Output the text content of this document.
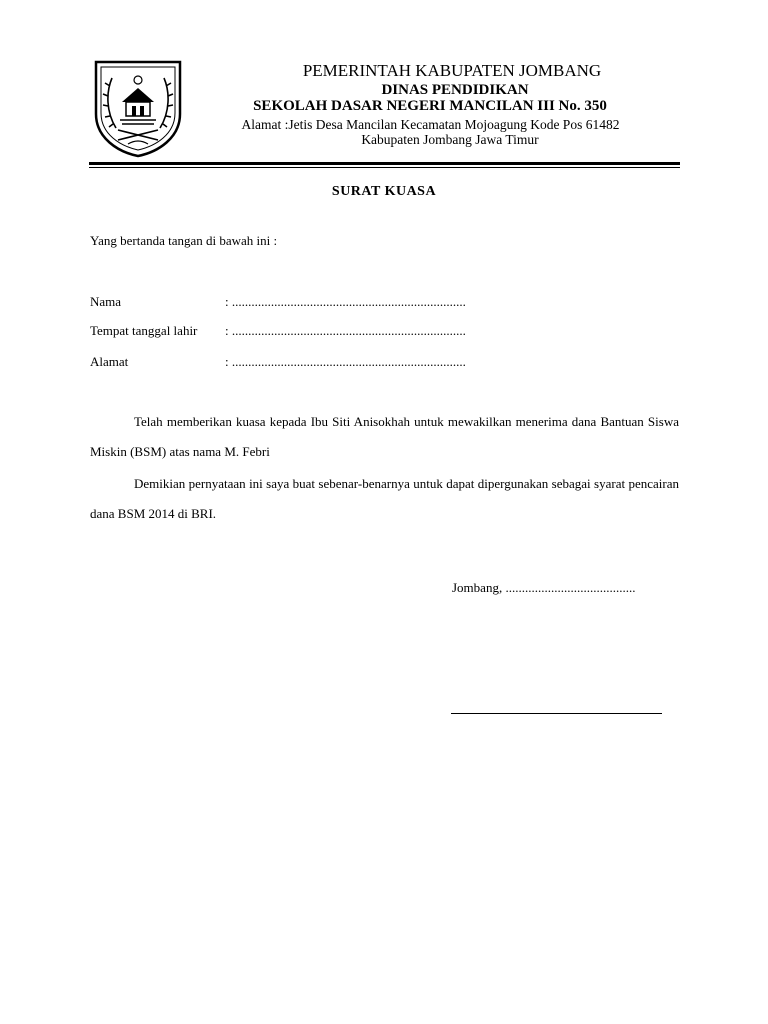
PEMERINTAH KABUPATEN JOMBANG
DINAS PENDIDIKAN
SEKOLAH DASAR NEGERI MANCILAN III No. 350
Alamat :Jetis Desa Mancilan Kecamatan Mojoagung Kode Pos 61482
Kabupaten Jombang Jawa Timur
SURAT KUASA
Yang bertanda tangan di bawah ini :
Nama	: ........................................................................
Tempat tanggal lahir : ........................................................................
Alamat	: ........................................................................
Telah memberikan kuasa kepada Ibu Siti Anisokhah untuk mewakilkan menerima dana Bantuan Siswa Miskin (BSM) atas nama M. Febri
Demikian pernyataan ini saya buat sebenar-benarnya untuk dapat dipergunakan sebagai syarat pencairan dana BSM 2014 di BRI.
Jombang, ........................................
